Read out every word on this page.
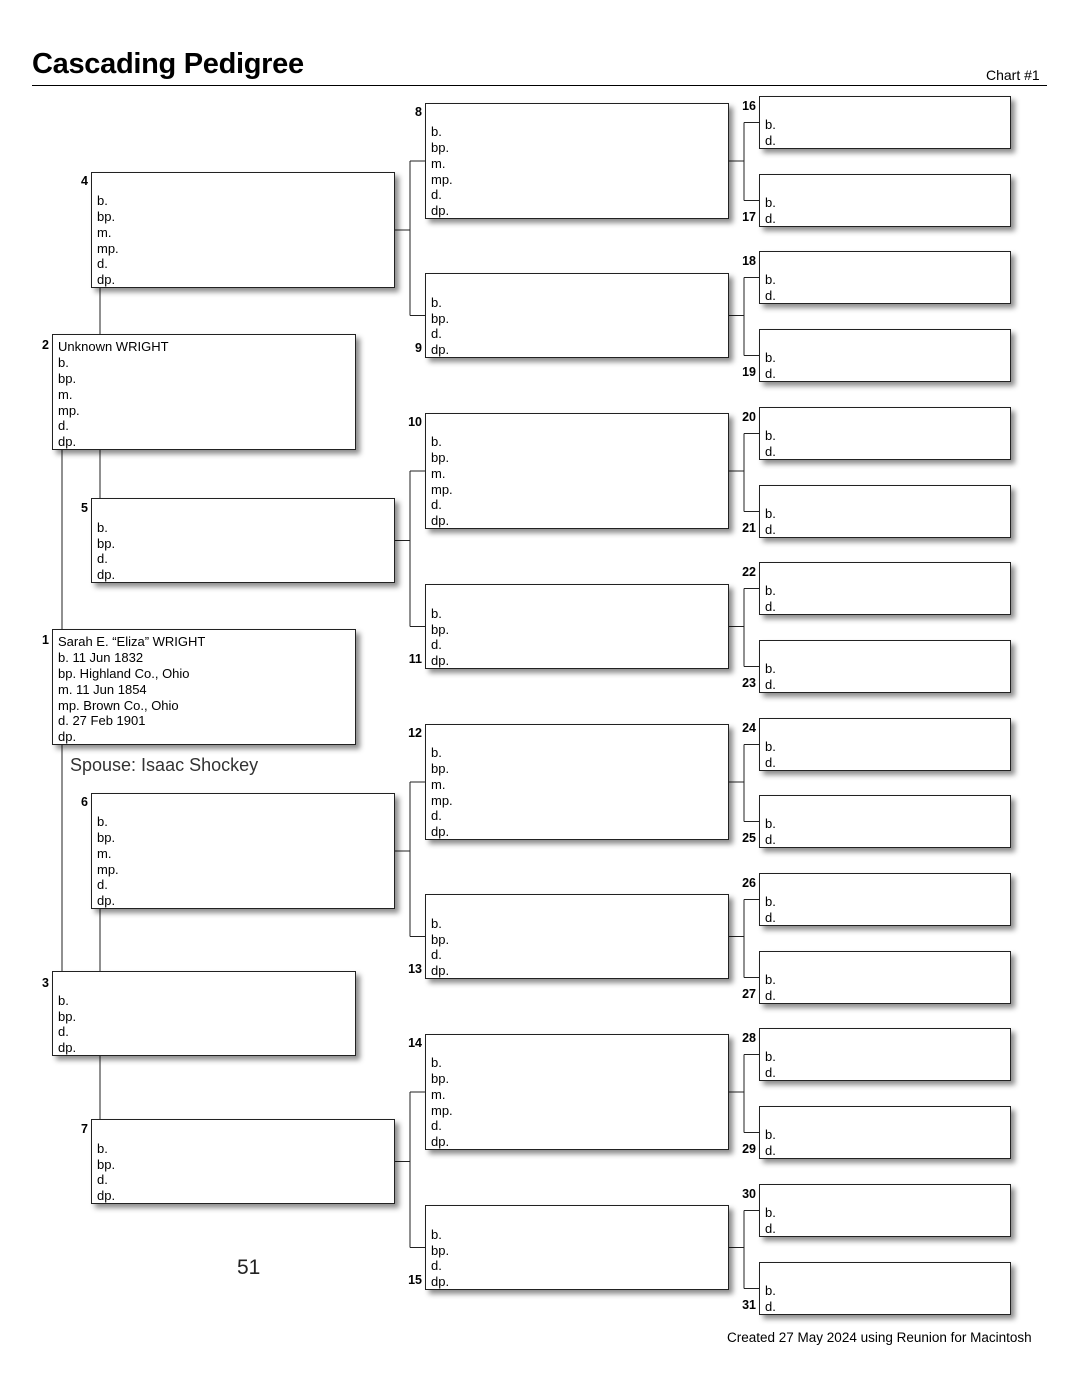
Cascading Pedigree	Chart #1
Sarah E. “Eliza” WRIGHT
b. 11 Jun 1832
bp. Highland Co., Ohio
m. 11 Jun 1854
mp. Brown Co., Ohio
d. 27 Feb 1901
dp.
1
Unknown WRIGHT
b.
bp.
m.
mp.
d.
dp.
2
b.
bp.
d.
dp.
3
b.
bp.
m.
mp.
d.
dp.
4
b.
bp.
d.
dp.
5
b.
bp.
m.
mp.
d.
dp.
6
b.
bp.
d.
dp.
7
b.
bp.
m.
mp.
d.
dp.
8
b.
bp.
d.
dp.
9
b.
bp.
m.
mp.
d.
dp.
10
b.
bp.
d.
dp.
11
b.
bp.
m.
mp.
d.
dp.
12
b.
bp.
d.
dp.
13
b.
bp.
m.
mp.
d.
dp.
14
b.
bp.
d.
dp.
15
b.
d.
16
b.
d.
17
b.
d.
18
b.
d.
19
b.
d.
20
b.
d.
21
b.
d.
22
b.
d.
23
b.
d.
24
b.
d.
25
b.
d.
26
b.
d.
27
b.
d.
28
b.
d.
29
b.
d.
30
b.
d.
31
Spouse: Isaac Shockey
51
Created 27 May 2024 using Reunion for Macintosh
